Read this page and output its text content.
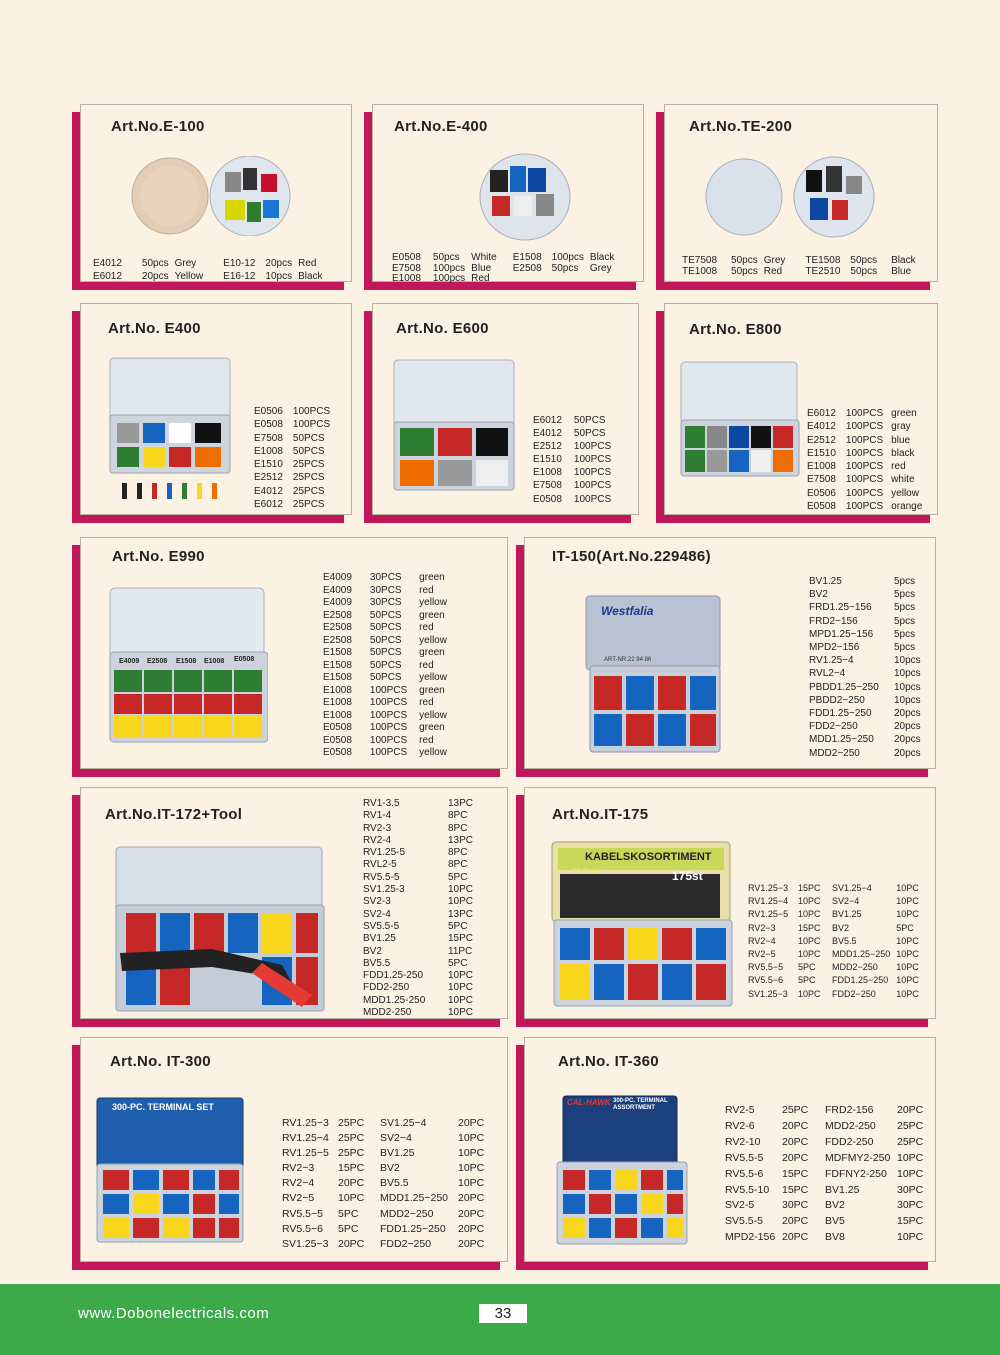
Art.No.E-100	Art.No.E-400	Art.No.TE-200
Art.No. E400	Art.No. E600	Art.No. E800
Art.No. E990	IT-150(Art.No.229486)
Art.No.IT-172+Tool	Art.No.IT-175
Art.No. IT-300	Art.No. IT-360
E4009 E2508 E1508 E1008 E0508
Westfalia
ART-NR.22 94 86
KABELSKOSORTIMENT
18 Delar	175st
300-PC. TERMINAL SET	CAL-HAWK 300-PC. TERMINAL ASSORTMENT
E4012	50pcs	Grey	E10-12	20pcs	Red
E6012	20pcs	Yellow	E16-12	10pcs	Black
E0508	50pcs	White	E1508	100pcs	Black
E7508	100pcs	Blue	E2508	50pcs	Grey
E1008	100pcs	Red			
TE7508	50pcs	Grey	TE1508	50pcs	Black
TE1008	50pcs	Red	TE2510	50pcs	Blue
E0506	100PCS
E0508	100PCS
E7508	50PCS
E1008	50PCS
E1510	25PCS
E2512	25PCS
E4012	25PCS
E6012	25PCS
E6012	50PCS
E4012	50PCS
E2512	100PCS
E1510	100PCS
E1008	100PCS
E7508	100PCS
E0508	100PCS
E6012	100PCS	green
E4012	100PCS	gray
E2512	100PCS	blue
E1510	100PCS	black
E1008	100PCS	red
E7508	100PCS	white
E0506	100PCS	yellow
E0508	100PCS	orange
E4009	30PCS	green
E4009	30PCS	red
E4009	30PCS	yellow
E2508	50PCS	green
E2508	50PCS	red
E2508	50PCS	yellow
E1508	50PCS	green
E1508	50PCS	red
E1508	50PCS	yellow
E1008	100PCS	green
E1008	100PCS	red
E1008	100PCS	yellow
E0508	100PCS	green
E0508	100PCS	red
E0508	100PCS	yellow
BV1.25	5pcs
BV2	5pcs
FRD1.25−156	5pcs
FRD2−156	5pcs
MPD1.25−156	5pcs
MPD2−156	5pcs
RV1.25−4	10pcs
RVL2−4	10pcs
PBDD1.25−250	10pcs
PBDD2−250	10pcs
FDD1.25−250	20pcs
FDD2−250	20pcs
MDD1.25−250	20pcs
MDD2−250	20pcs
RV1-3.5	13PC
RV1-4	8PC
RV2-3	8PC
RV2-4	13PC
RV1.25-5	8PC
RVL2-5	8PC
RV5.5-5	5PC
SV1.25-3	10PC
SV2-3	10PC
SV2-4	13PC
SV5.5-5	5PC
BV1.25	15PC
BV2	11PC
BV5.5	5PC
FDD1.25-250	10PC
FDD2-250	10PC
MDD1.25-250	10PC
MDD2-250	10PC
RV1.25−3	15PC	SV1.25−4	10PC
RV1.25−4	10PC	SV2−4	10PC
RV1.25−5	10PC	BV1.25	10PC
RV2−3	15PC	BV2	5PC
RV2−4	10PC	BV5.5	10PC
RV2−5	10PC	MDD1.25−250	10PC
RV5.5−5	5PC	MDD2−250	10PC
RV5.5−6	5PC	FDD1.25−250	10PC
SV1.25−3	10PC	FDD2−250	10PC
RV1.25−3	25PC	SV1.25−4	20PC
RV1.25−4	25PC	SV2−4	10PC
RV1.25−5	25PC	BV1.25	10PC
RV2−3	15PC	BV2	10PC
RV2−4	20PC	BV5.5	10PC
RV2−5	10PC	MDD1.25−250	20PC
RV5.5−5	5PC	MDD2−250	20PC
RV5.5−6	5PC	FDD1.25−250	20PC
SV1.25−3	20PC	FDD2−250	20PC
RV2-5	25PC	FRD2-156	20PC
RV2-6	20PC	MDD2-250	25PC
RV2-10	20PC	FDD2-250	25PC
RV5.5-5	20PC	MDFMY2-250	10PC
RV5.5-6	15PC	FDFNY2-250	10PC
RV5.5-10	15PC	BV1.25	30PC
SV2-5	30PC	BV2	30PC
SV5.5-5	20PC	BV5	15PC
MPD2-156	20PC	BV8	10PC
www.Dobonelectricals.com	33
